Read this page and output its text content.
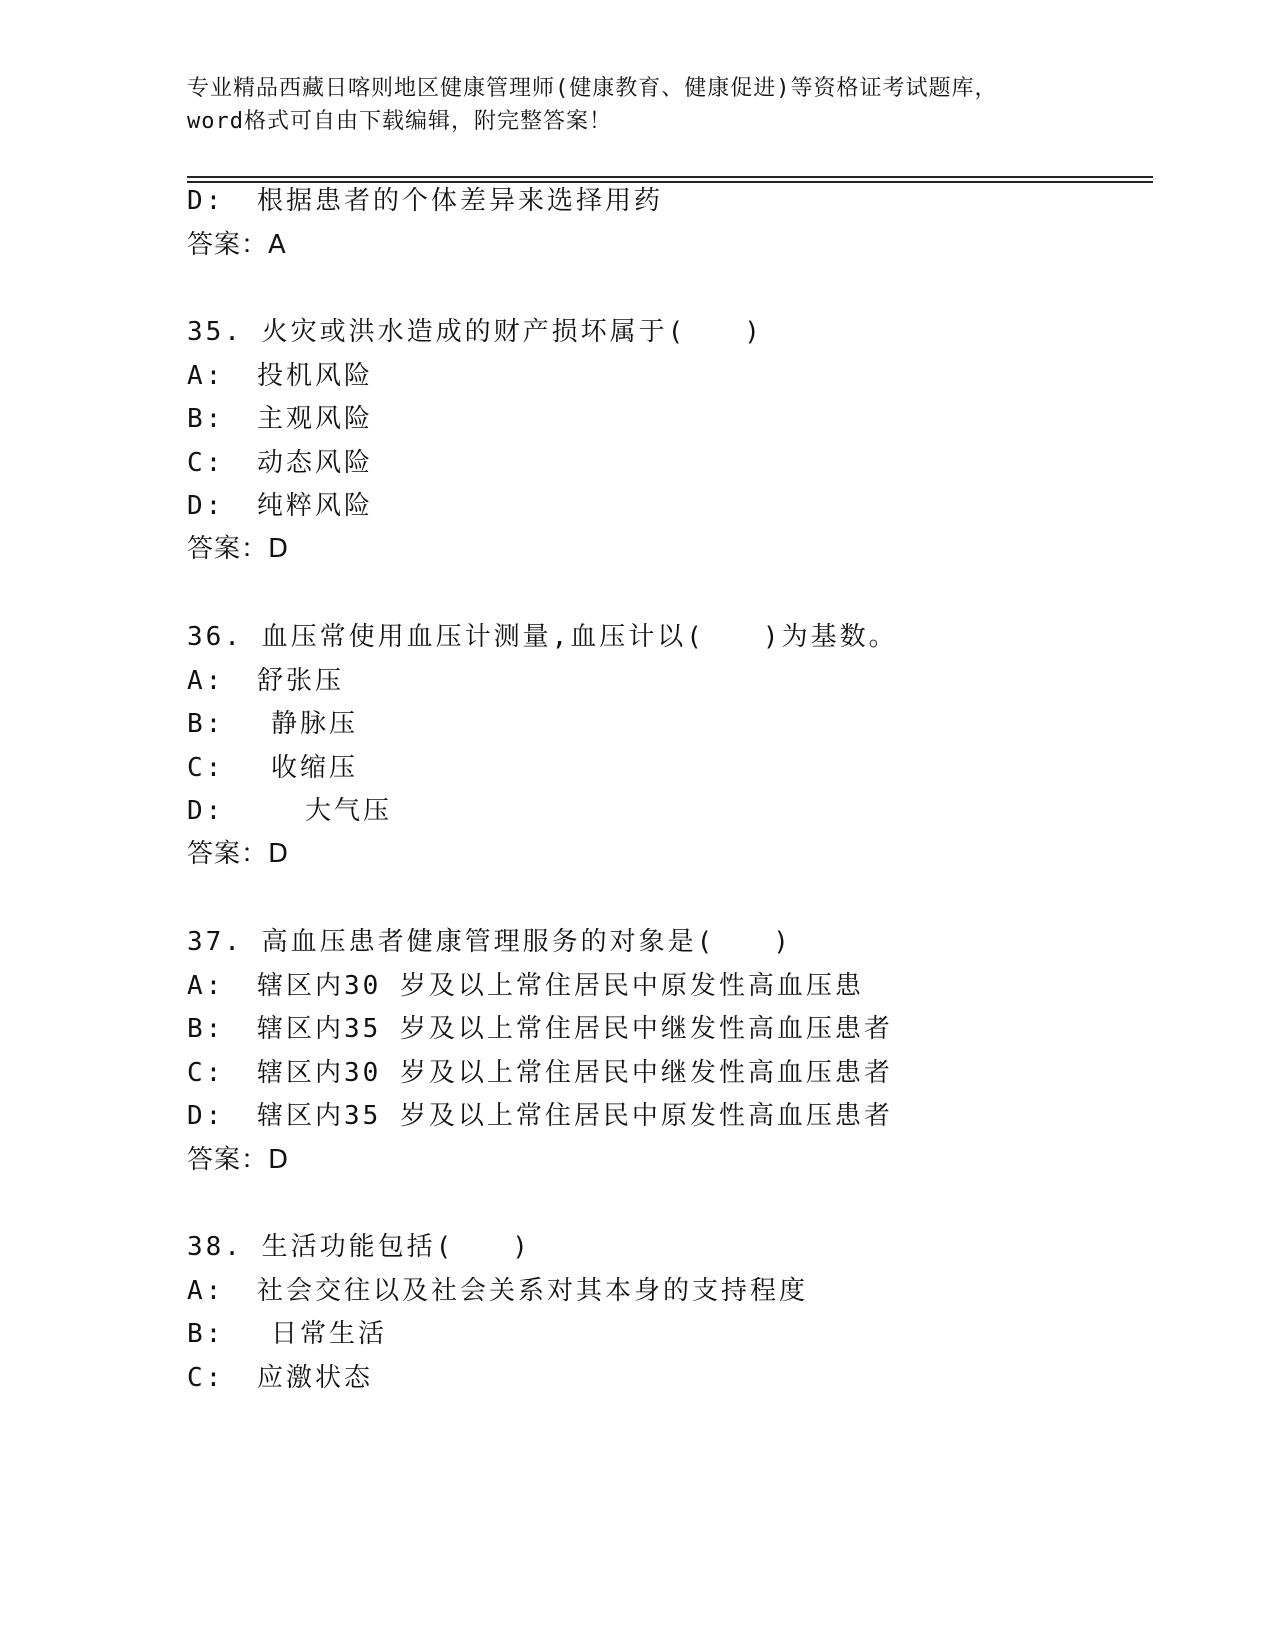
专业精品西藏日喀则地区健康管理师(健康教育、健康促进)等资格证考试题库，
word格式可自由下载编辑，附完整答案！
D: 根据患者的个体差异来选择用药
答案：A
35. 火灾或洪水造成的财产损坏属于(　　)
A: 投机风险
B: 主观风险
C: 动态风险
D: 纯粹风险
答案：D
36. 血压常使用血压计测量,血压计以(　　)为基数。
A: 舒张压
B: 静脉压
C: 收缩压
D:	大气压
答案：D
37. 高血压患者健康管理服务的对象是(　　)
A: 辖区内30 岁及以上常住居民中原发性高血压患
B: 辖区内35 岁及以上常住居民中继发性高血压患者
C: 辖区内30 岁及以上常住居民中继发性高血压患者
D: 辖区内35 岁及以上常住居民中原发性高血压患者
答案：D
38. 生活功能包括(　　)
A: 社会交往以及社会关系对其本身的支持程度
B: 日常生活
C: 应激状态
